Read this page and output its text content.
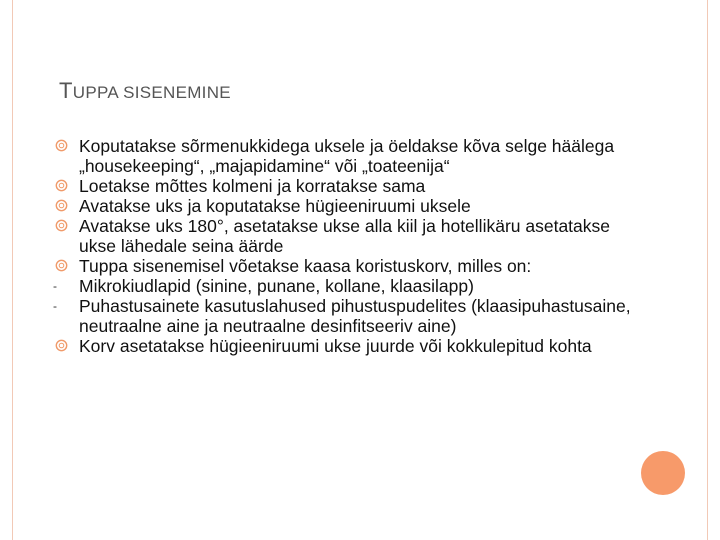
TUPPA SISENEMINE
Koputatakse sõrmenukkidega uksele ja öeldakse kõva selge häälega „housekeeping“, „majapidamine“ või „toateenija“
Loetakse mõttes kolmeni ja korratakse sama
Avatakse uks ja koputatakse hügieeniruumi uksele
Avatakse uks 180°, asetatakse ukse alla kiil ja hotellikäru asetatakse ukse lähedale seina äärde
Tuppa sisenemisel võetakse kaasa koristuskorv, milles on:
- Mikrokiudlapid (sinine, punane, kollane, klaasilapp)
- Puhastusainete kasutuslahused pihustuspudelites (klaasipuhastusaine, neutraalne aine ja neutraalne desinfitseeriv aine)
Korv asetatakse hügieeniruumi ukse juurde või kokkulepitud kohta
